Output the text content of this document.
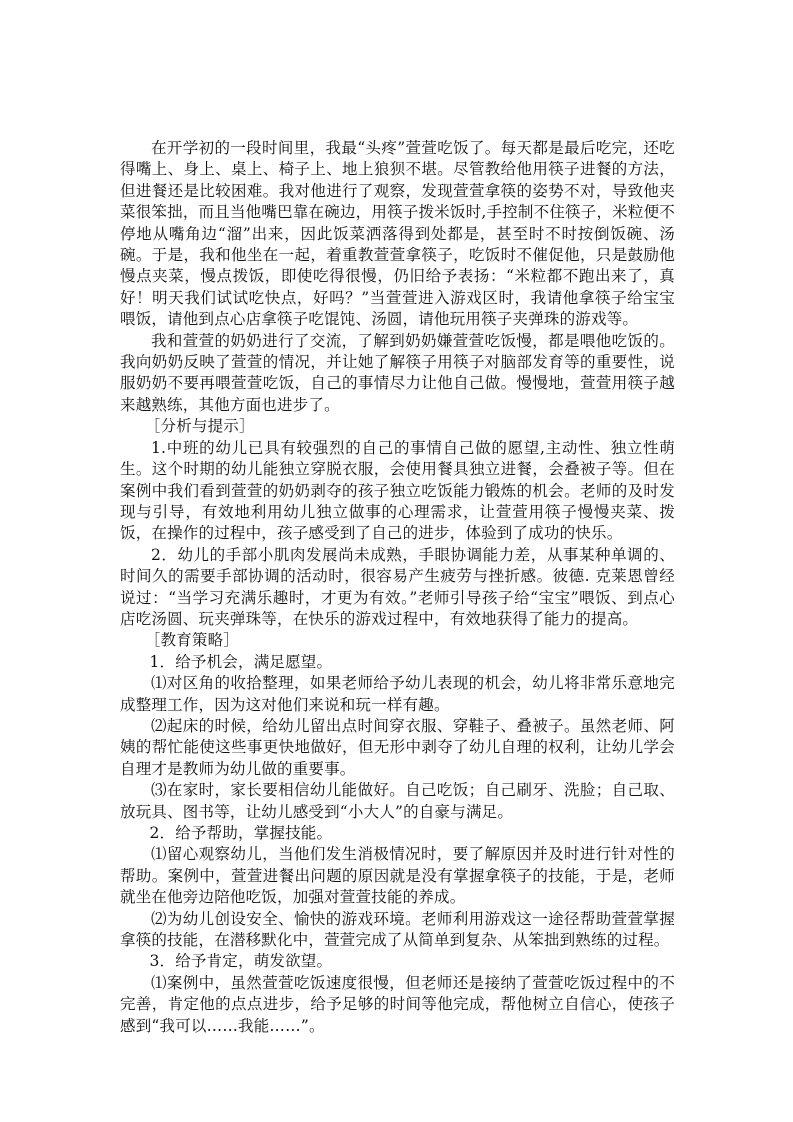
在开学初的一段时间里，我最“头疼”萱萱吃饭了。每天都是最后吃完，还吃得嘴上、身上、桌上、椅子上、地上狼狈不堪。尽管教给他用筷子进餐的方法，但进餐还是比较困难。我对他进行了观察，发现萱萱拿筷的姿势不对，导致他夹菜很笨拙，而且当他嘴巴靠在碗边，用筷子拨米饭时,手控制不住筷子，米粒便不停地从嘴角边“溜”出来，因此饭菜洒落得到处都是，甚至时不时按倒饭碗、汤碗。于是，我和他坐在一起，着重教萱萱拿筷子，吃饭时不催促他，只是鼓励他慢点夹菜，慢点拨饭，即使吃得很慢，仍旧给予表扬：“米粒都不跑出来了，真好！明天我们试试吃快点，好吗？”当萱萱进入游戏区时，我请他拿筷子给宝宝喂饭，请他到点心店拿筷子吃馄饨、汤圆，请他玩用筷子夹弹珠的游戏等。

我和萱萱的奶奶进行了交流，了解到奶奶嫌萱萱吃饭慢，都是喂他吃饭的。我向奶奶反映了萱萱的情况，并让她了解筷子用筷子对脑部发育等的重要性，说服奶奶不要再喂萱萱吃饭，自己的事情尽力让他自己做。慢慢地，萱萱用筷子越来越熟练，其他方面也进步了。

［分析与提示］

1.中班的幼儿已具有较强烈的自己的事情自己做的愿望,主动性、独立性萌生。这个时期的幼儿能独立穿脱衣服，会使用餐具独立进餐，会叠被子等。但在案例中我们看到萱萱的奶奶剥夺的孩子独立吃饭能力锻炼的机会。老师的及时发现与引导，有效地利用幼儿独立做事的心理需求，让萱萱用筷子慢慢夹菜、拨饭，在操作的过程中，孩子感受到了自己的进步，体验到了成功的快乐。

2．幼儿的手部小肌肉发展尚未成熟，手眼协调能力差，从事某种单调的、时间久的需要手部协调的活动时，很容易产生疲劳与挫折感。彼德. 克莱恩曾经说过：“当学习充满乐趣时，才更为有效。”老师引导孩子给“宝宝”喂饭、到点心店吃汤圆、玩夹弹珠等，在快乐的游戏过程中，有效地获得了能力的提高。

［教育策略］

1．给予机会，满足愿望。

⑴对区角的收拾整理，如果老师给予幼儿表现的机会，幼儿将非常乐意地完成整理工作，因为这对他们来说和玩一样有趣。

⑵起床的时候，给幼儿留出点时间穿衣服、穿鞋子、叠被子。虽然老师、阿姨的帮忙能使这些事更快地做好，但无形中剥夺了幼儿自理的权利，让幼儿学会自理才是教师为幼儿做的重要事。

⑶在家时，家长要相信幼儿能做好。自己吃饭；自己刷牙、洗脸；自己取、放玩具、图书等，让幼儿感受到“小大人”的自豪与满足。

2．给予帮助，掌握技能。

⑴留心观察幼儿，当他们发生消极情况时，要了解原因并及时进行针对性的帮助。案例中，萱萱进餐出问题的原因就是没有掌握拿筷子的技能，于是，老师就坐在他旁边陪他吃饭，加强对萱萱技能的养成。

⑵为幼儿创设安全、愉快的游戏环境。老师利用游戏这一途径帮助萱萱掌握拿筷的技能，在潜移默化中，萱萱完成了从简单到复杂、从笨拙到熟练的过程。

3．给予肯定，萌发欲望。

⑴案例中，虽然萱萱吃饭速度很慢，但老师还是接纳了萱萱吃饭过程中的不完善，肯定他的点点进步，给予足够的时间等他完成，帮他树立自信心，使孩子感到“我可以……我能……”。
